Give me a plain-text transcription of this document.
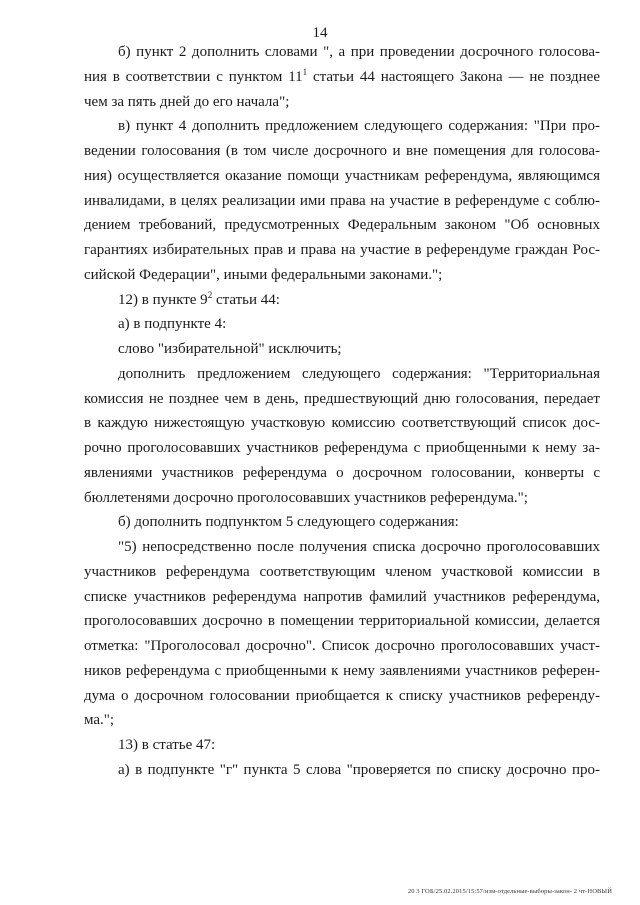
14
б) пункт 2 дополнить словами ", а при проведении досрочного голосова-
ния в соответствии с пунктом $11^1$ статьи 44 настоящего Закона — не позднее
чем за пять дней до его начала";
в) пункт 4 дополнить предложением следующего содержания: "При про-
ведении голосования (в том числе досрочного и вне помещения для голосова-
ния) осуществляется оказание помощи участникам референдума, являющимся
инвалидами, в целях реализации ими права на участие в референдуме с соблю-
дением требований, предусмотренных Федеральным законом "Об основных
гарантиях избирательных прав и права на участие в референдуме граждан Рос-
сийской Федерации", иными федеральными законами.";
12) в пункте $9^2$ статьи 44:
а) в подпункте 4:
слово "избирательной" исключить;
дополнить предложением следующего содержания: "Территориальная
комиссия не позднее чем в день, предшествующий дню голосования, передает
в каждую нижестоящую участковую комиссию соответствующий список дос-
рочно проголосовавших участников референдума с приобщенными к нему за-
явлениями участников референдума о досрочном голосовании, конверты с
бюллетенями досрочно проголосовавших участников референдума.";
б) дополнить подпунктом 5 следующего содержания:
"5) непосредственно после получения списка досрочно проголосовавших
участников референдума соответствующим членом участковой комиссии в
списке участников референдума напротив фамилий участников референдума,
проголосовавших досрочно в помещении территориальной комиссии, делается
отметка: "Проголосовал досрочно". Список досрочно проголосовавших участ-
ников референдума с приобщенными к нему заявлениями участников референ-
дума о досрочном голосовании приобщается к списку участников референду-
ма.";
13) в статье 47:
а) в подпункте "г" пункта 5 слова "проверяется по списку досрочно про-
20 3 ГОБ/25.02.2015/15:57/изм-отдельные-выборы-закон- 2 чт-НОВЫЙ
